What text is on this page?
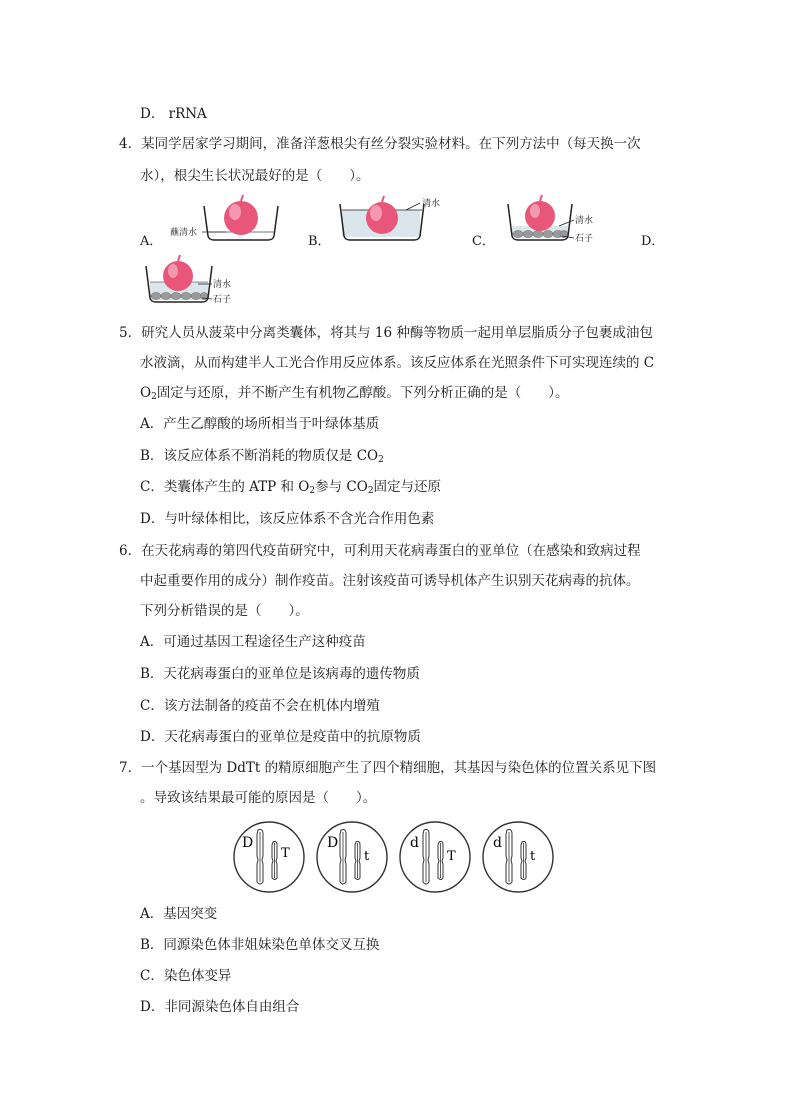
D． rRNA
4．某同学居家学习期间，准备洋葱根尖有丝分裂实验材料。在下列方法中（每天换一次
水），根尖生长状况最好的是（　　）。
A．
蘸清水
B．
清水
C．
清水
石子	D．
清水
石子
5．研究人员从菠菜中分离类囊体，将其与 16 种酶等物质一起用单层脂质分子包裹成油包
水液滴，从而构建半人工光合作用反应体系。该反应体系在光照条件下可实现连续的 C
$O_2$固定与还原，并不断产生有机物乙醇酸。下列分析正确的是（　　）。
A．产生乙醇酸的场所相当于叶绿体基质
B．该反应体系不断消耗的物质仅是 $CO_2$
C．类囊体产生的 ATP 和 $O_2$参与 $CO_2$固定与还原
D．与叶绿体相比，该反应体系不含光合作用色素
6．在天花病毒的第四代疫苗研究中，可利用天花病毒蛋白的亚单位（在感染和致病过程
中起重要作用的成分）制作疫苗。注射该疫苗可诱导机体产生识别天花病毒的抗体。
下列分析错误的是（　　）。
A．可通过基因工程途径生产这种疫苗
B．天花病毒蛋白的亚单位是该病毒的遗传物质
C．该方法制备的疫苗不会在机体内增殖
D．天花病毒蛋白的亚单位是疫苗中的抗原物质
7．一个基因型为 DdTt 的精原细胞产生了四个精细胞，其基因与染色体的位置关系见下图
。导致该结果最可能的原因是（　　）。
D
T
D
t
d
T
d
t
A．基因突变
B．同源染色体非姐妹染色单体交叉互换
C．染色体变异
D．非同源染色体自由组合
